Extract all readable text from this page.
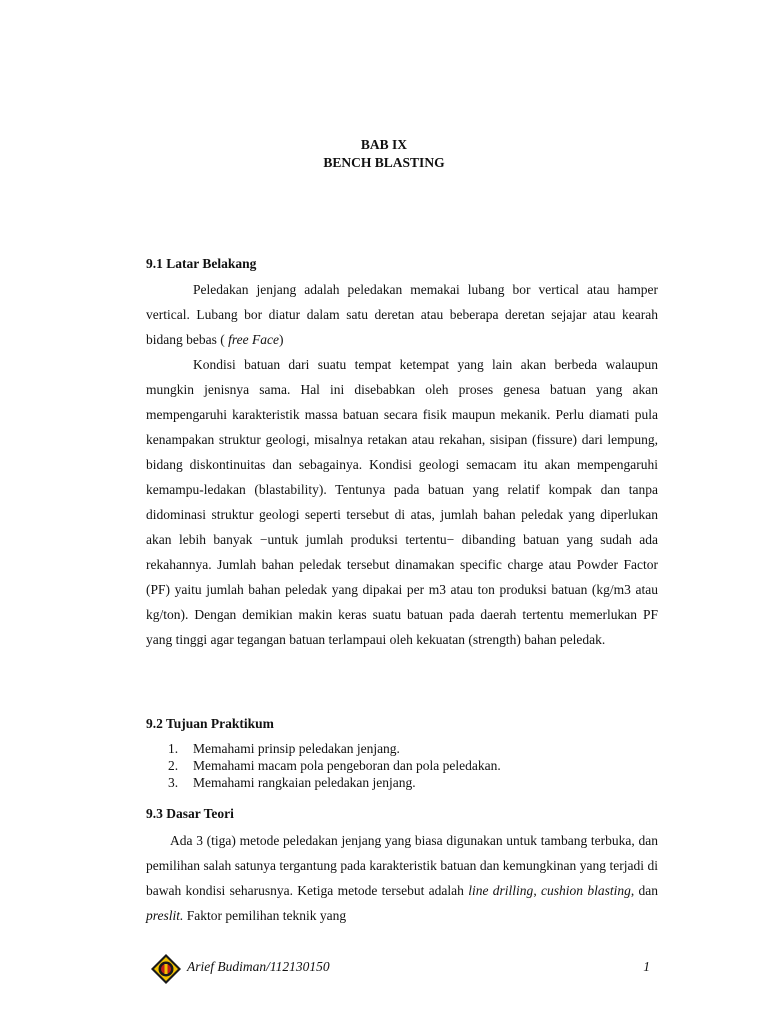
BAB IX
BENCH BLASTING
9.1 Latar Belakang

Peledakan jenjang adalah peledakan memakai lubang bor vertical atau hamper vertical. Lubang bor diatur dalam satu deretan atau beberapa deretan sejajar atau kearah bidang bebas ( free Face)

Kondisi batuan dari suatu tempat ketempat yang lain akan berbeda walaupun mungkin jenisnya sama. Hal ini disebabkan oleh proses genesa batuan yang akan mempengaruhi karakteristik massa batuan secara fisik maupun mekanik. Perlu diamati pula kenampakan struktur geologi, misalnya retakan atau rekahan, sisipan (fissure) dari lempung, bidang diskontinuitas dan sebagainya. Kondisi geologi semacam itu akan mempengaruhi kemampu-ledakan (blastability). Tentunya pada batuan yang relatif kompak dan tanpa didominasi struktur geologi seperti tersebut di atas, jumlah bahan peledak yang diperlukan akan lebih banyak −untuk jumlah produksi tertentu− dibanding batuan yang sudah ada rekahannya. Jumlah bahan peledak tersebut dinamakan specific charge atau Powder Factor (PF) yaitu jumlah bahan peledak yang dipakai per m3 atau ton produksi batuan (kg/m3 atau kg/ton). Dengan demikian makin keras suatu batuan pada daerah tertentu memerlukan PF yang tinggi agar tegangan batuan terlampaui oleh kekuatan (strength) bahan peledak.

9.2 Tujuan Praktikum
1.	Memahami prinsip peledakan jenjang.
2.	Memahami macam pola pengeboran dan pola peledakan.
3.	Memahami rangkaian peledakan jenjang.
9.3 Dasar Teori

Ada 3 (tiga) metode peledakan jenjang yang biasa digunakan untuk tambang terbuka, dan pemilihan salah satunya tergantung pada karakteristik batuan dan kemungkinan yang terjadi di bawah kondisi seharusnya. Ketiga metode tersebut adalah line drilling, cushion blasting, dan preslit. Faktor pemilihan teknik yang

Arief Budiman/112130150	1
